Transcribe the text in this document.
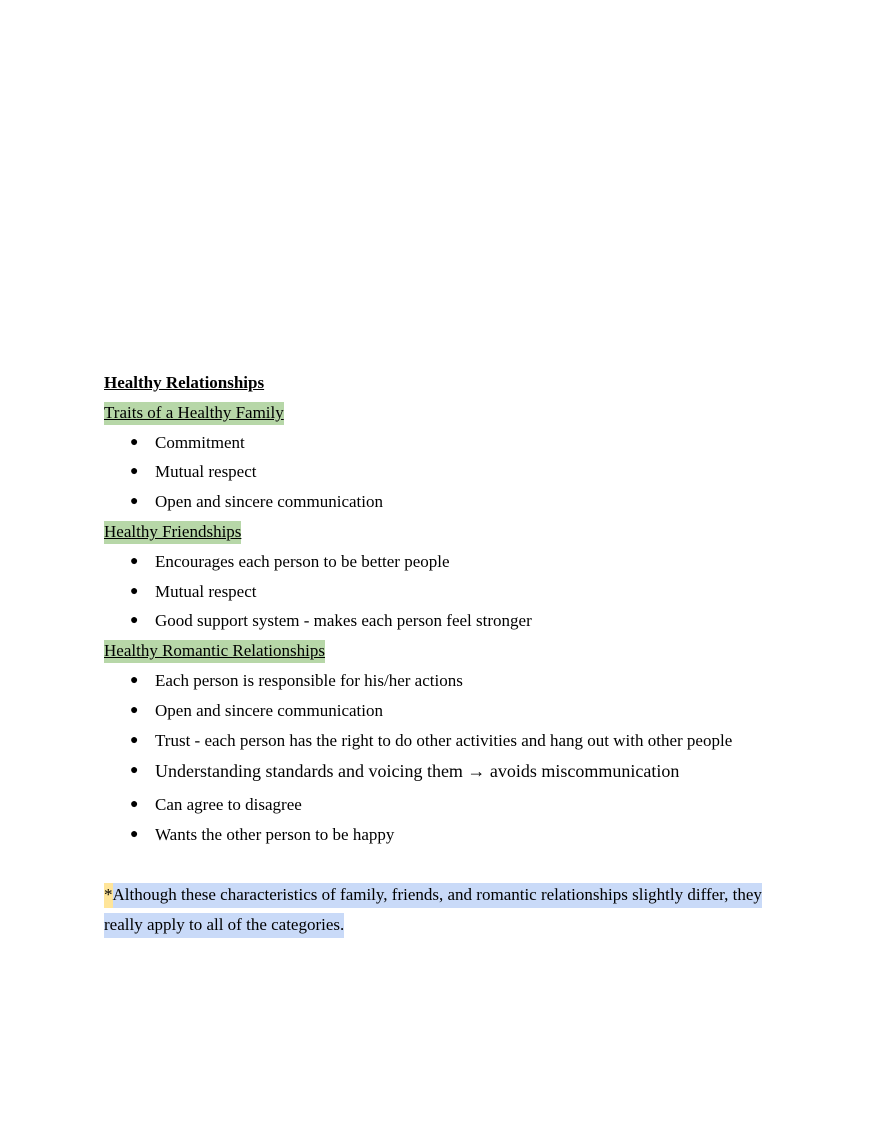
Healthy Relationships
Traits of a Healthy Family
● Commitment
● Mutual respect
● Open and sincere communication
Healthy Friendships
● Encourages each person to be better people
● Mutual respect
● Good support system - makes each person feel stronger
Healthy Romantic Relationships
● Each person is responsible for his/her actions
● Open and sincere communication
● Trust - each person has the right to do other activities and hang out with other people
● Understanding standards and voicing them → avoids miscommunication
● Can agree to disagree
● Wants the other person to be happy
*Although these characteristics of family, friends, and romantic relationships slightly differ, they really apply to all of the categories.
